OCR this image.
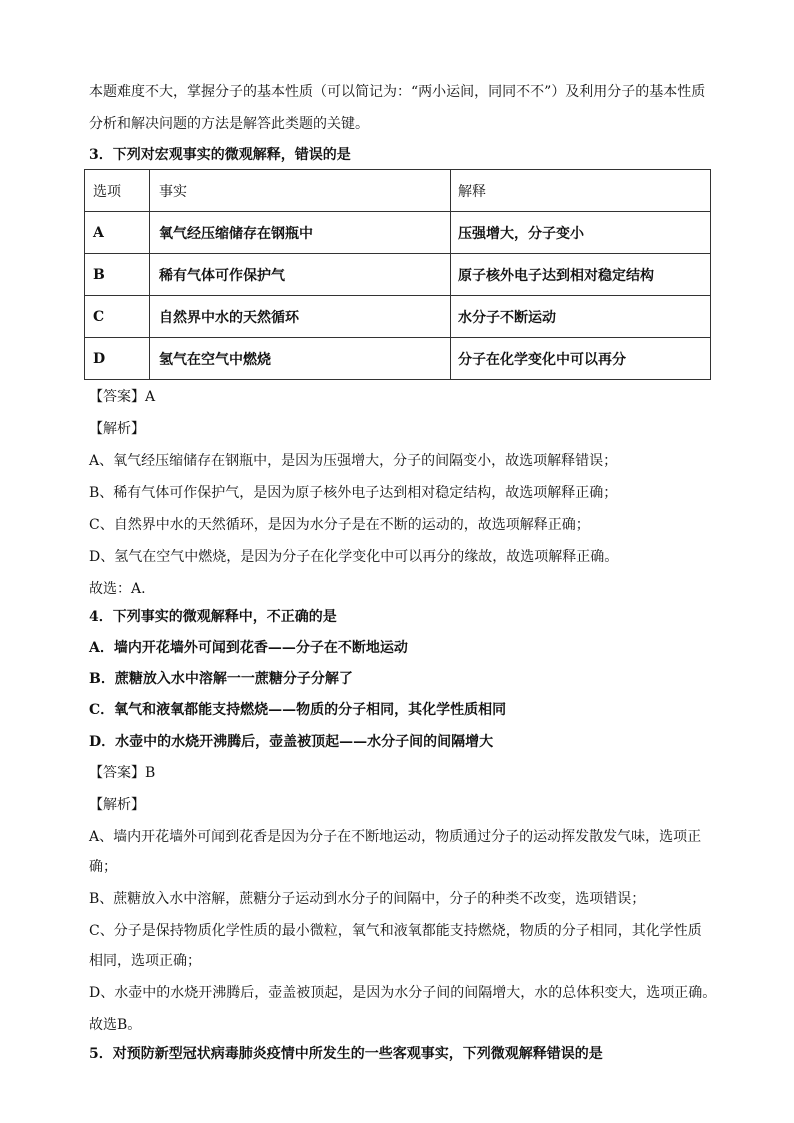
本题难度不大，掌握分子的基本性质（可以简记为：“两小运间，同同不不”）及利用分子的基本性质
分析和解决问题的方法是解答此类题的关键。
3．下列对宏观事实的微观解释，错误的是
选项	事实	解释
A	氧气经压缩储存在钢瓶中	压强增大，分子变小
B	稀有气体可作保护气	原子核外电子达到相对稳定结构
C	自然界中水的天然循环	水分子不断运动
D	氢气在空气中燃烧	分子在化学变化中可以再分
【答案】A
【解析】
A、氧气经压缩储存在钢瓶中，是因为压强增大，分子的间隔变小，故选项解释错误；
B、稀有气体可作保护气，是因为原子核外电子达到相对稳定结构，故选项解释正确；
C、自然界中水的天然循环，是因为水分子是在不断的运动的，故选项解释正确；
D、氢气在空气中燃烧，是因为分子在化学变化中可以再分的缘故，故选项解释正确。
故选：A.
4．下列事实的微观解释中，不正确的是
A．墙内开花墙外可闻到花香——分子在不断地运动
B．蔗糖放入水中溶解一一蔗糖分子分解了
C．氧气和液氧都能支持燃烧——物质的分子相同，其化学性质相同
D．水壶中的水烧开沸腾后，壶盖被顶起——水分子间的间隔增大
【答案】B
【解析】
A、墙内开花墙外可闻到花香是因为分子在不断地运动，物质通过分子的运动挥发散发气味，选项正
确；
B、蔗糖放入水中溶解，蔗糖分子运动到水分子的间隔中，分子的种类不改变，选项错误；
C、分子是保持物质化学性质的最小微粒，氧气和液氧都能支持燃烧，物质的分子相同，其化学性质
相同，选项正确；
D、水壶中的水烧开沸腾后，壶盖被顶起，是因为水分子间的间隔增大，水的总体积变大，选项正确。
故选B。
5．对预防新型冠状病毒肺炎疫情中所发生的一些客观事实，下列微观解释错误的是
